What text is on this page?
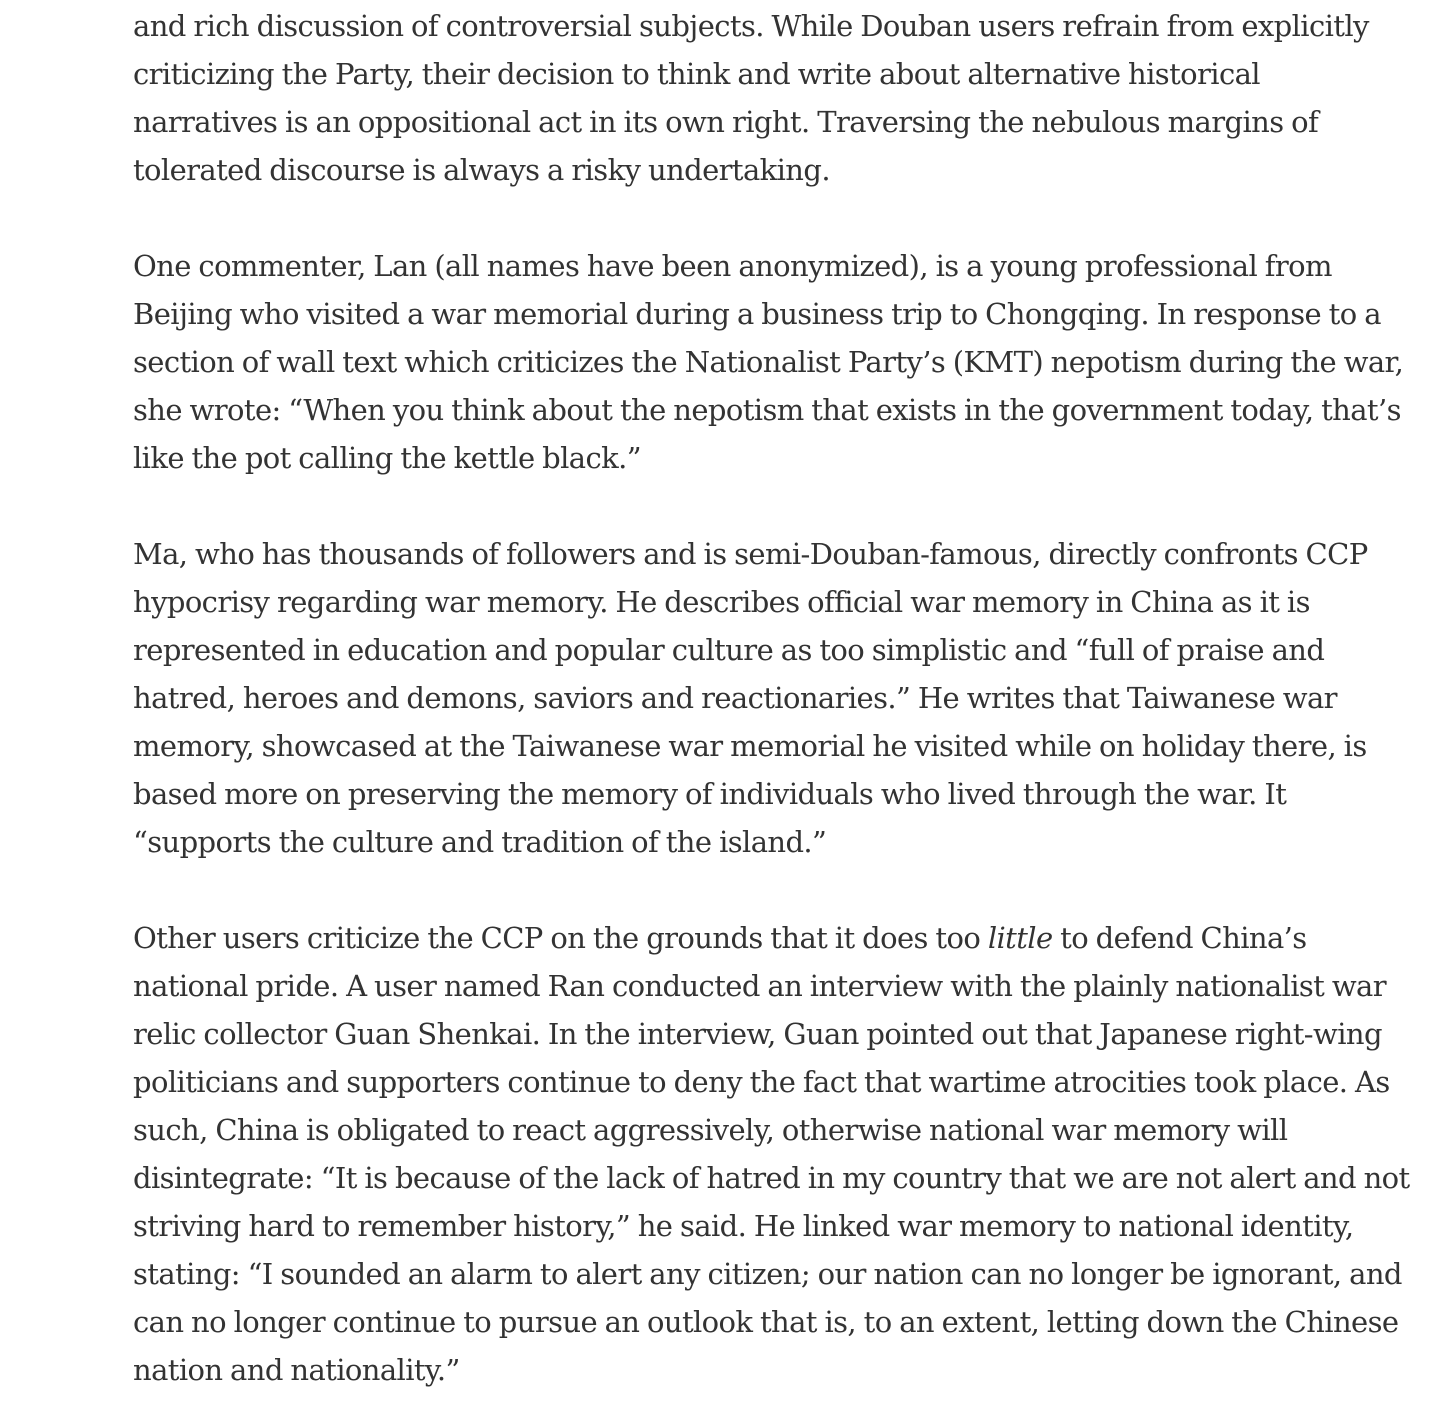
and rich discussion of controversial subjects. While Douban users refrain from explicitly
criticizing the Party, their decision to think and write about alternative historical
narratives is an oppositional act in its own right. Traversing the nebulous margins of
tolerated discourse is always a risky undertaking.

One commenter, Lan (all names have been anonymized), is a young professional from
Beijing who visited a war memorial during a business trip to Chongqing. In response to a
section of wall text which criticizes the Nationalist Party’s (KMT) nepotism during the war,
she wrote: “When you think about the nepotism that exists in the government today, that’s
like the pot calling the kettle black.”

Ma, who has thousands of followers and is semi-Douban-famous, directly confronts CCP
hypocrisy regarding war memory. He describes official war memory in China as it is
represented in education and popular culture as too simplistic and “full of praise and
hatred, heroes and demons, saviors and reactionaries.” He writes that Taiwanese war
memory, showcased at the Taiwanese war memorial he visited while on holiday there, is
based more on preserving the memory of individuals who lived through the war. It
“supports the culture and tradition of the island.”

Other users criticize the CCP on the grounds that it does too little to defend China’s
national pride. A user named Ran conducted an interview with the plainly nationalist war
relic collector Guan Shenkai. In the interview, Guan pointed out that Japanese right-wing
politicians and supporters continue to deny the fact that wartime atrocities took place. As
such, China is obligated to react aggressively, otherwise national war memory will
disintegrate: “It is because of the lack of hatred in my country that we are not alert and not
striving hard to remember history,” he said. He linked war memory to national identity,
stating: “I sounded an alarm to alert any citizen; our nation can no longer be ignorant, and
can no longer continue to pursue an outlook that is, to an extent, letting down the Chinese
nation and nationality.”
